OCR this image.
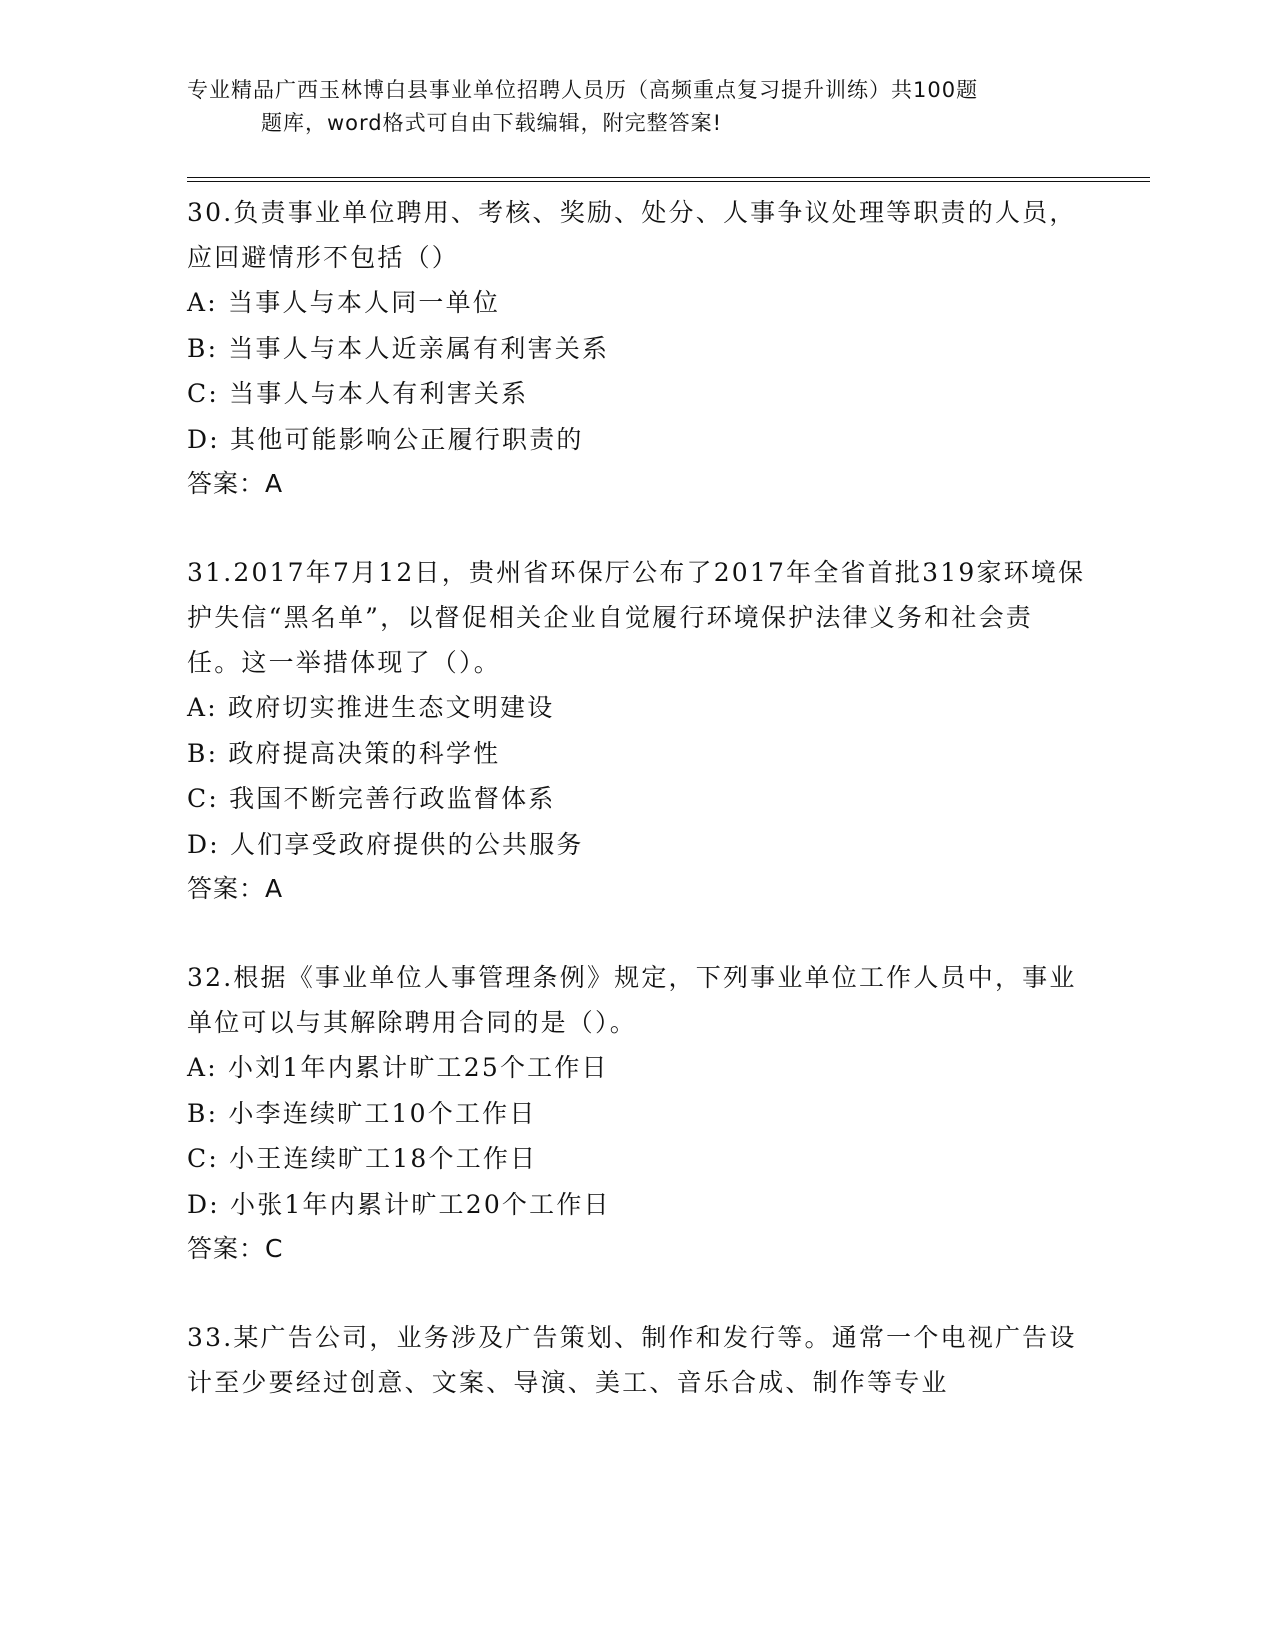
专业精品广西玉林博白县事业单位招聘人员历（高频重点复习提升训练）共100题
题库，word格式可自由下载编辑，附完整答案!

30.负责事业单位聘用、考核、奖励、处分、人事争议处理等职责的人员，应回避情形不包括（）

A: 当事人与本人同一单位

B: 当事人与本人近亲属有利害关系

C: 当事人与本人有利害关系

D: 其他可能影响公正履行职责的

答案：A

31.2017年7月12日，贵州省环保厅公布了2017年全省首批319家环境保护失信“黑名单”，以督促相关企业自觉履行环境保护法律义务和社会责任。这一举措体现了（）。

A: 政府切实推进生态文明建设

B: 政府提高决策的科学性

C: 我国不断完善行政监督体系

D: 人们享受政府提供的公共服务

答案：A

32.根据《事业单位人事管理条例》规定，下列事业单位工作人员中，事业单位可以与其解除聘用合同的是（）。

A: 小刘1年内累计旷工25个工作日

B: 小李连续旷工10个工作日

C: 小王连续旷工18个工作日

D: 小张1年内累计旷工20个工作日

答案：C

33.某广告公司，业务涉及广告策划、制作和发行等。通常一个电视广告设计至少要经过创意、文案、导演、美工、音乐合成、制作等专业
